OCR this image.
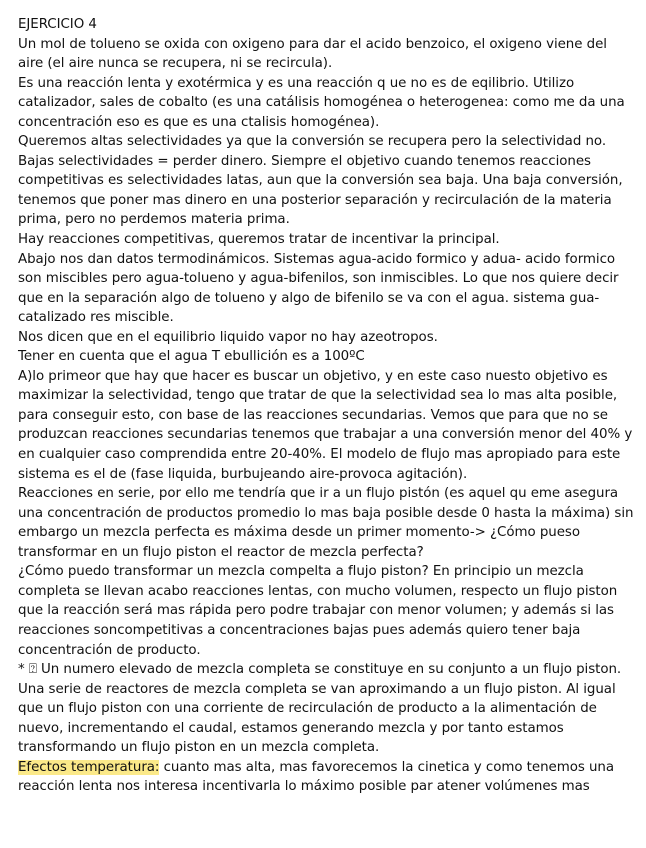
EJERCICIO 4

Un mol de tolueno se oxida con oxigeno para dar el acido benzoico, el oxigeno viene del aire (el aire nunca se recupera, ni se recircula).

Es una reacción lenta y exotérmica y es una reacción q ue no es de eqilibrio. Utilizo catalizador, sales de cobalto (es una catálisis homogénea o heterogenea: como me da una concentración eso es que es una ctalisis homogénea).

Queremos altas selectividades ya que la conversión se recupera pero la selectividad no. Bajas selectividades = perder dinero. Siempre el objetivo cuando tenemos reacciones competitivas es selectividades latas, aun que la conversión sea baja. Una baja conversión, tenemos que poner mas dinero en una posterior separación y recirculación de la materia prima, pero no perdemos materia prima.

Hay reacciones competitivas, queremos tratar de incentivar la principal.

Abajo nos dan datos termodinámicos. Sistemas agua-acido formico y adua- acido formico son miscibles pero agua-tolueno y agua-bifenilos, son inmiscibles. Lo que nos quiere decir que en la separación algo de tolueno y algo de bifenilo se va con el agua. sistema gua-catalizado res miscible.

Nos dicen que en el equilibrio liquido vapor no hay azeotropos.

Tener en cuenta que el agua T ebullición es a 100ºC

A)lo primeor que hay que hacer es buscar un objetivo, y en este caso nuesto objetivo es maximizar la selectividad, tengo que tratar de que la selectividad sea lo mas alta posible, para conseguir esto, con base de las reacciones secundarias. Vemos que para que no se produzcan reacciones secundarias tenemos que trabajar a una conversión menor del 40% y en cualquier caso comprendida entre 20-40%. El modelo de flujo mas apropiado para este sistema es el de (fase liquida, burbujeando aire-provoca agitación).

Reacciones en serie, por ello me tendría que ir a un flujo pistón (es aquel qu eme asegura una concentración de productos promedio lo mas baja posible desde 0 hasta la máxima) sin embargo un mezcla perfecta es máxima desde un primer momento-> ¿Cómo pueso transformar en un flujo piston el reactor de mezcla perfecta?

¿Cómo puedo transformar un mezcla compelta a flujo piston? En principio un mezcla completa se llevan acabo reacciones lentas, con mucho volumen, respecto un flujo piston que la reacción será mas rápida pero podre trabajar con menor volumen; y además si las reacciones soncompetitivas a concentraciones bajas pues además quiero tener baja concentración de producto.

* ⍰ Un numero elevado de mezcla completa se constituye en su conjunto a un flujo piston. Una serie de reactores de mezcla completa se van aproximando a un flujo piston. Al igual que un flujo piston con una corriente de recirculación de producto a la alimentación de nuevo, incrementando el caudal, estamos generando mezcla y por tanto estamos transformando un flujo piston en un mezcla completa.

Efectos temperatura: cuanto mas alta, mas favorecemos la cinetica y como tenemos una reacción lenta nos interesa incentivarla lo máximo posible par atener volúmenes mas
